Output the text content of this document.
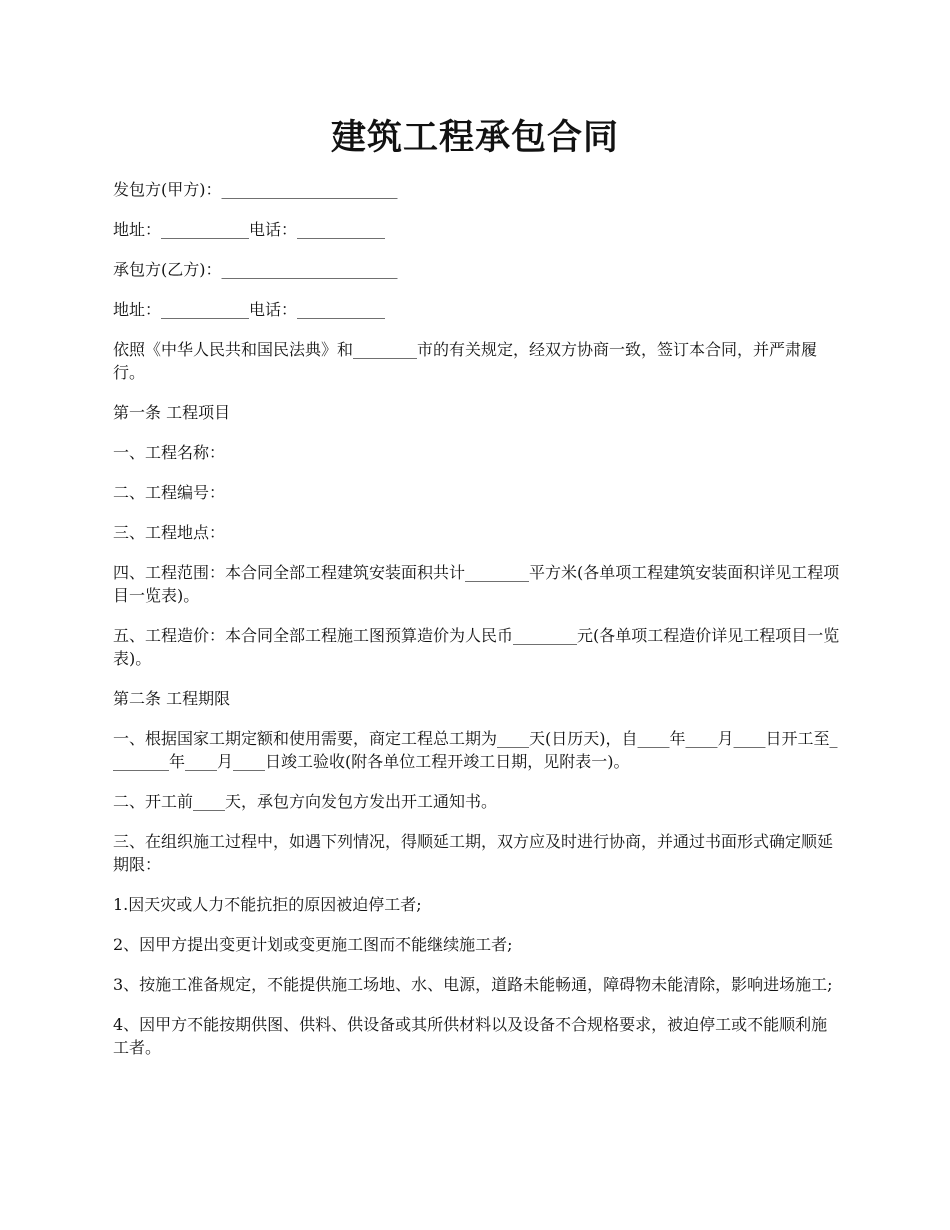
建筑工程承包合同

发包方(甲方)：______________________

地址：___________电话：___________

承包方(乙方)：______________________

地址：___________电话：___________

依照《中华人民共和国民法典》和________市的有关规定，经双方协商一致，签订本合同，并严肃履行。

第一条 工程项目

一、工程名称：

二、工程编号：

三、工程地点：

四、工程范围：本合同全部工程建筑安装面积共计________平方米(各单项工程建筑安装面积详见工程项目一览表)。

五、工程造价：本合同全部工程施工图预算造价为人民币________元(各单项工程造价详见工程项目一览表)。

第二条 工程期限

一、根据国家工期定额和使用需要，商定工程总工期为____天(日历天)，自____年____月____日开工至________年____月____日竣工验收(附各单位工程开竣工日期，见附表一)。

二、开工前____天，承包方向发包方发出开工通知书。

三、在组织施工过程中，如遇下列情况，得顺延工期，双方应及时进行协商，并通过书面形式确定顺延期限：

1.因天灾或人力不能抗拒的原因被迫停工者;

2、因甲方提出变更计划或变更施工图而不能继续施工者;

3、按施工准备规定，不能提供施工场地、水、电源，道路未能畅通，障碍物未能清除，影响进场施工;

4、因甲方不能按期供图、供料、供设备或其所供材料以及设备不合规格要求，被迫停工或不能顺利施工者。
